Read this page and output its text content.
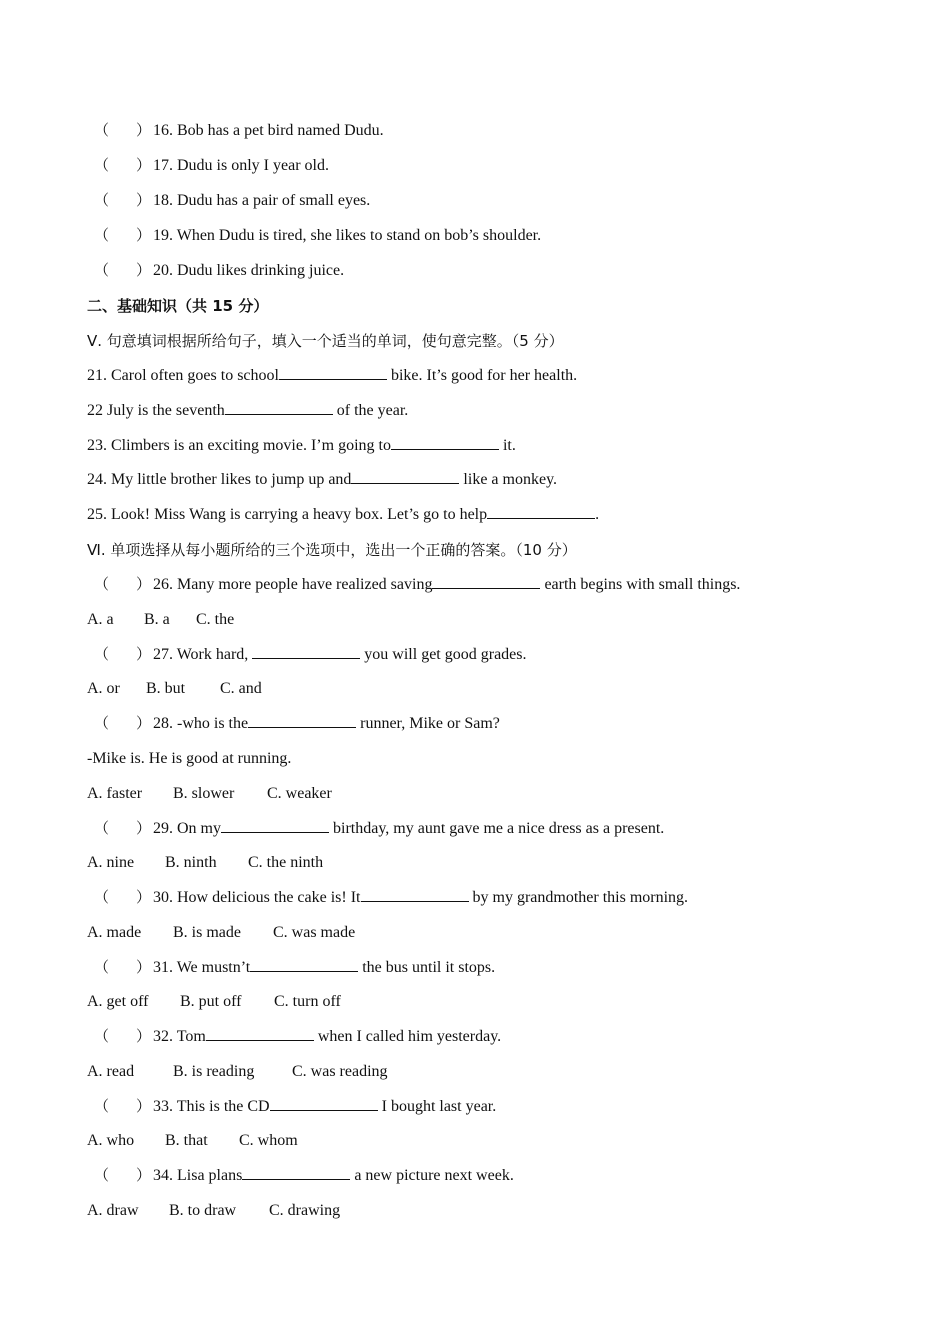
（ ） 16. Bob has a pet bird named Dudu.
（ ） 17. Dudu is only I year old.
（ ） 18. Dudu has a pair of small eyes.
（ ） 19. When Dudu is tired, she likes to stand on bob’s shoulder.
（ ） 20. Dudu likes drinking juice.
二、基础知识（共 15 分）
Ⅴ. 句意填词根据所给句子，填入一个适当的单词，使句意完整。（5 分）
21. Carol often goes to school	bike. It’s good for her health.
22 July is the seventh	of the year.
23. Climbers is an exciting movie. I’m going to	it.
24. My little brother likes to jump up and	like a monkey.
25. Look! Miss Wang is carrying a heavy box. Let’s go to help	.
Ⅵ. 单项选择从每小题所给的三个选项中，选出一个正确的答案。（10 分）
（ ） 26. Many more people have realized saving	earth begins with small things.
A. a B. a C. the
（ ） 27. Work hard,	you will get good grades.
A. or B. but C. and
（ ） 28. -who is the	runner, Mike or Sam?
-Mike is. He is good at running.
A. faster B. slower C. weaker
（ ） 29. On my	birthday, my aunt gave me a nice dress as a present.
A. nine B. ninth C. the ninth
（ ） 30. How delicious the cake is! It	by my grandmother this morning.
A. made B. is made C. was made
（ ） 31. We mustn’t	the bus until it stops.
A. get off B. put off C. turn off
（ ） 32. Tom	when I called him yesterday.
A. read B. is reading C. was reading
（ ） 33. This is the CD	I bought last year.
A. who B. that C. whom
（ ） 34. Lisa plans	a new picture next week.
A. draw B. to draw C. drawing
